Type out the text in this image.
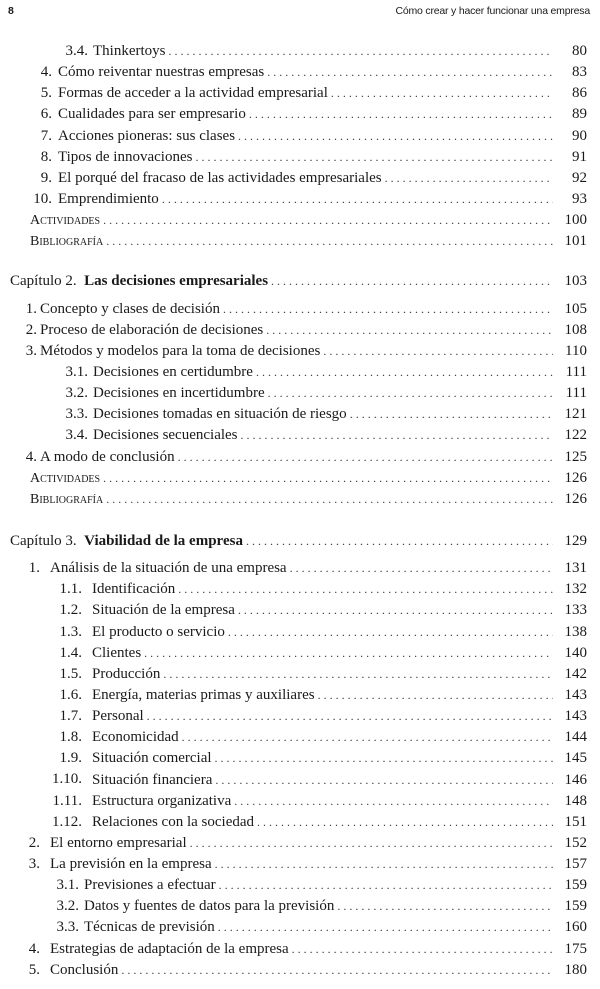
8	Cómo crear y hacer funcionar una empresa
3.4. Thinkertoys . . .	80
4. Cómo reiventar nuestras empresas . . .	83
5. Formas de acceder a la actividad empresarial . . .	86
6. Cualidades para ser empresario . . .	89
7. Acciones pioneras: sus clases . . .	90
8. Tipos de innovaciones . . .	91
9. El porqué del fracaso de las actividades empresariales . . .	92
10. Emprendimiento . . .	93
Actividades . . .	100
Bibliografía . . .	101
Capítulo 2. Las decisiones empresariales . . .	103
1. Concepto y clases de decisión . . .	105
2. Proceso de elaboración de decisiones . . .	108
3. Métodos y modelos para la toma de decisiones . . .	110
3.1. Decisiones en certidumbre . . .	111
3.2. Decisiones en incertidumbre . . .	111
3.3. Decisiones tomadas en situación de riesgo . . .	121
3.4. Decisiones secuenciales . . .	122
4. A modo de conclusión . . .	125
Actividades . . .	126
Bibliografía . . .	126
Capítulo 3. Viabilidad de la empresa . . .	129
1. Análisis de la situación de una empresa . . .	131
1.1. Identificación . . .	132
1.2. Situación de la empresa . . .	133
1.3. El producto o servicio . . .	138
1.4. Clientes . . .	140
1.5. Producción . . .	142
1.6. Energía, materias primas y auxiliares . . .	143
1.7. Personal . . .	143
1.8. Economicidad . . .	144
1.9. Situación comercial . . .	145
1.10. Situación financiera . . .	146
1.11. Estructura organizativa . . .	148
1.12. Relaciones con la sociedad . . .	151
2. El entorno empresarial . . .	152
3. La previsión en la empresa . . .	157
3.1. Previsiones a efectuar . . .	159
3.2. Datos y fuentes de datos para la previsión . . .	159
3.3. Técnicas de previsión . . .	160
4. Estrategias de adaptación de la empresa . . .	175
5. Conclusión . . .	180
